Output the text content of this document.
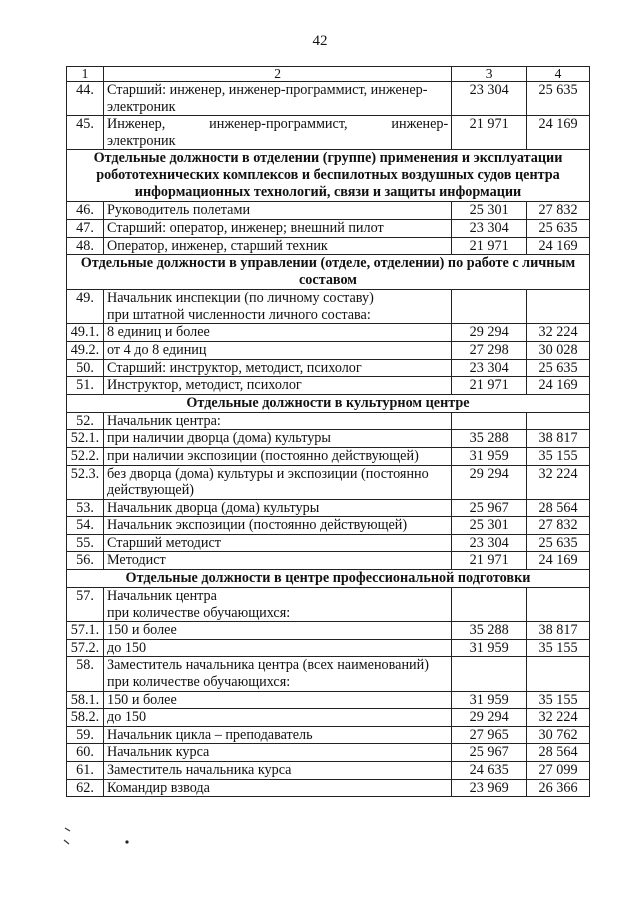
42
1	2	3	4
44.	Старший: инженер, инженер-программист, инженер-
электроник	23 304	25 635
45.	Инженер, инженер-программист, инженер-
электроник	21 971	24 169
Отдельные должности в отделении (группе) применения и эксплуатации робототехнических комплексов и беспилотных воздушных судов центра информационных технологий, связи и защиты информации			
46.	Руководитель полетами	25 301	27 832
47.	Старший: оператор, инженер; внешний пилот	23 304	25 635
48.	Оператор, инженер, старший техник	21 971	24 169
Отдельные должности в управлении (отделе, отделении) по работе с личным составом			
49.	Начальник инспекции (по личному составу)
при штатной численности личного состава:		

49.1.	8 единиц и более	29 294	32 224
49.2.	от 4 до 8 единиц	27 298	30 028
50.	Старший: инструктор, методист, психолог	23 304	25 635
51.	Инструктор, методист, психолог	21 971	24 169
Отдельные должности в культурном центре			
52.	Начальник центра:		

52.1.	при наличии дворца (дома) культуры	35 288	38 817
52.2.	при наличии экспозиции (постоянно действующей)	31 959	35 155
52.3.	без дворца (дома) культуры и экспозиции (постоянно
действующей)	29 294	32 224
53.	Начальник дворца (дома) культуры	25 967	28 564
54.	Начальник экспозиции (постоянно действующей)	25 301	27 832
55.	Старший методист	23 304	25 635
56.	Методист	21 971	24 169
Отдельные должности в центре профессиональной подготовки			
57.	Начальник центра
при количестве обучающихся:		

57.1.	150 и более	35 288	38 817
57.2.	до 150	31 959	35 155
58.	Заместитель начальника центра (всех наименований)
при количестве обучающихся:		

58.1.	150 и более	31 959	35 155
58.2.	до 150	29 294	32 224
59.	Начальник цикла – преподаватель	27 965	30 762
60.	Начальник курса	25 967	28 564
61.	Заместитель начальника курса	24 635	27 099
62.	Командир взвода	23 969	26 366
